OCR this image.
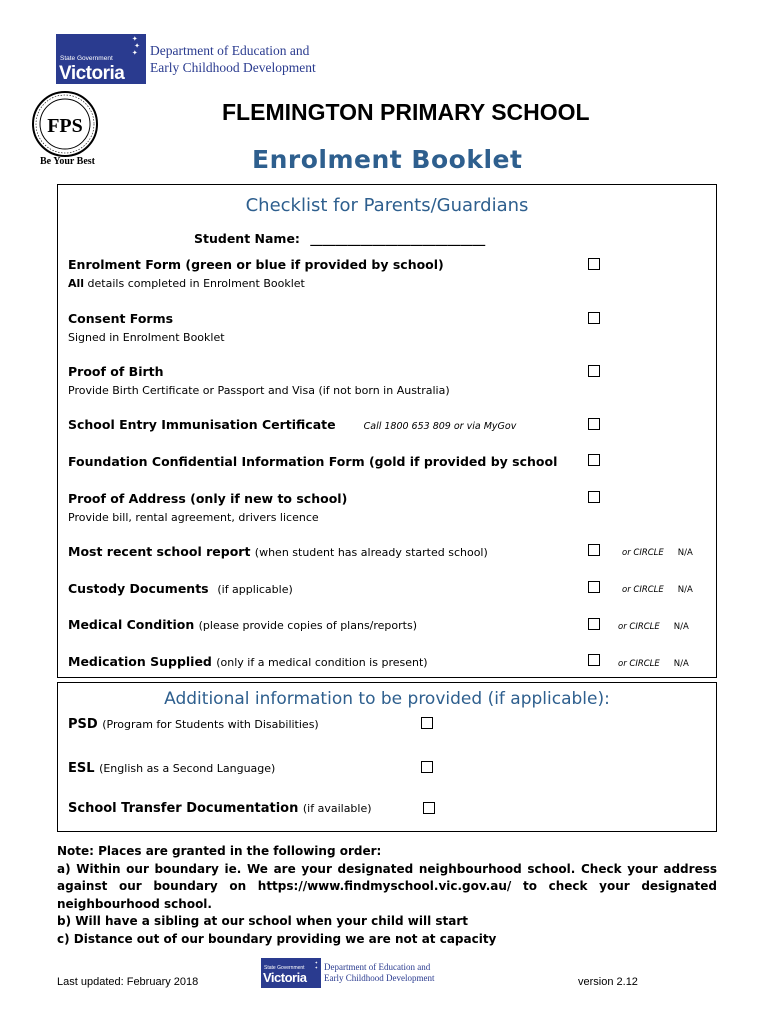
✦
✦
✦
State Government
Victoria
Department of Education and
Early Childhood Development
FPS
Be Your Best
FLEMINGTON PRIMARY SCHOOL
Enrolment Booklet
Checklist for Parents/Guardians
Student Name: ____________________________
Enrolment Form (green or blue if provided by school)
All details completed in Enrolment Booklet
Consent Forms
Signed in Enrolment Booklet
Proof of Birth
Provide Birth Certificate or Passport and Visa (if not born in Australia)
School Entry Immunisation Certificate	Call 1800 653 809 or via MyGov
Foundation Confidential Information Form (gold if provided by school
Proof of Address (only if new to school)
Provide bill, rental agreement, drivers licence
Most recent school report (when student has already started school)	or CIRCLE N/A
Custody Documents (if applicable)	or CIRCLE N/A
Medical Condition (please provide copies of plans/reports)	or CIRCLE N/A
Medication Supplied (only if a medical condition is present)	or CIRCLE N/A
Additional information to be provided (if applicable):
PSD (Program for Students with Disabilities)
ESL (English as a Second Language)
School Transfer Documentation (if available)
Note: Places are granted in the following order:
a) Within our boundary ie. We are your designated neighbourhood school. Check your address against our boundary on https://www.findmyschool.vic.gov.au/ to check your designated neighbourhood school.
b) Will have a sibling at our school when your child will start
c) Distance out of our boundary providing we are not at capacity
Last updated: February 2018
✦
✦
State Government
Victoria
Department of Education and
Early Childhood Development	version 2.12
